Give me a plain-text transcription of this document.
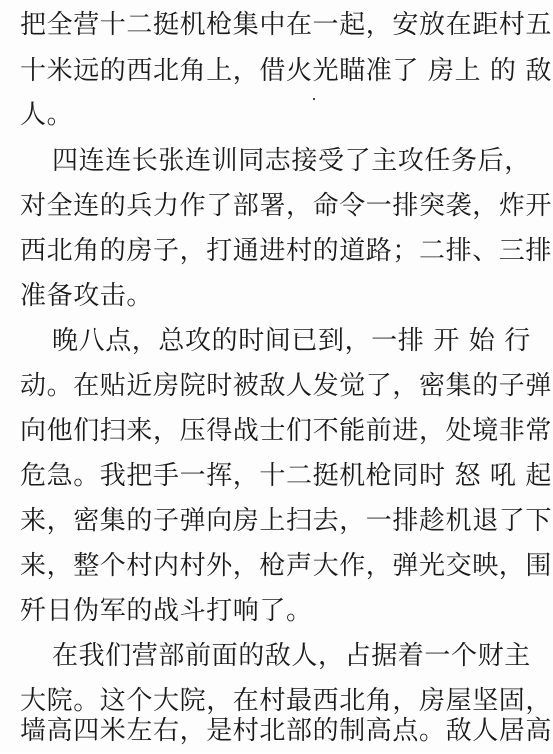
把全营十二挺机枪集中在一起，安放在距村五
十米远的西北角上，借火光瞄准了 房上 的 敌
人。
四连连长张连训同志接受了主攻任务后，
对全连的兵力作了部署，命令一排突袭，炸开
西北角的房子，打通进村的道路；二排、三排
准备攻击。
晚八点，总攻的时间已到，一排 开 始 行
动。在贴近房院时被敌人发觉了，密集的子弹
向他们扫来，压得战士们不能前进，处境非常
危急。我把手一挥，十二挺机枪同时 怒 吼 起
来，密集的子弹向房上扫去，一排趁机退了下
来，整个村内村外，枪声大作，弹光交映，围
歼日伪军的战斗打响了。
在我们营部前面的敌人，占据着一个财主
大院。这个大院，在村最西北角，房屋坚固，
墙高四米左右，是村北部的制高点。敌人居高
